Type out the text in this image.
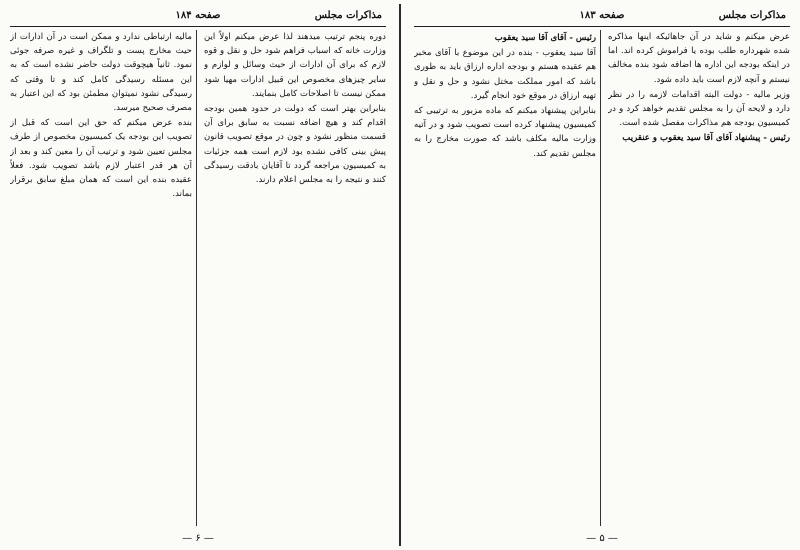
مذاکرات مجلس
صفحه ۱۸۴

دوره پنجم ترتیب میدهند لذا عرض میکنم اولاً این وزارت خانه که اسباب فراهم شود حل و نقل و قوه لازم که برای آن ادارات از حیث وسائل و لوازم و سایر چیزهای مخصوص این قبیل ادارات مهیا شود ممکن نیست تا اصلاحات کامل بنمایند.

بنابراین بهتر است که دولت در حدود همین بودجه اقدام کند و هیچ اضافه نسبت به سابق برای آن قسمت منظور نشود و چون در موقع تصویب قانون پیش بینی کافی نشده بود لازم است همه جزئیات به کمیسیون مراجعه گردد تا آقایان بادقت رسیدگی کنند و نتیجه را به مجلس اعلام دارند.

مالیه ارتباطی ندارد و ممکن است در آن ادارات از حیث مخارج پست و تلگراف و غیره صرفه جوئی نمود. ثانیاً هیچوقت دولت حاضر نشده است که به این مسئله رسیدگی کامل کند و تا وقتی که رسیدگی نشود نمیتوان مطمئن بود که این اعتبار به مصرف صحیح میرسد.

بنده عرض میکنم که حق این است که قبل از تصویب این بودجه یک کمیسیون مخصوص از طرف مجلس تعیین شود و ترتیب آن را معین کند و بعد از آن هر قدر اعتبار لازم باشد تصویب شود. فعلاً عقیده بنده این است که همان مبلغ سابق برقرار بماند.

— ۶ —
مذاکرات مجلس
صفحه ۱۸۳

عرض میکنم و شاید در آن جاهائیکه اینها مذاکره شده شهرداره طلب بوده یا فراموش کرده اند. اما در اینکه بودجه این اداره ها اضافه شود بنده مخالف نیستم و آنچه لازم است باید داده شود.

وزیر مالیه - دولت البته اقدامات لازمه را در نظر دارد و لایحه آن را به مجلس تقدیم خواهد کرد و در کمیسیون بودجه هم مذاکرات مفصل شده است.

رئیس - پیشنهاد آقای آقا سید یعقوب و عنقریب

رئیس - آقای آقا سید یعقوب

آقا سید یعقوب - بنده در این موضوع با آقای مخبر هم عقیده هستم و بودجه اداره ارزاق باید به طوری باشد که امور مملکت مختل نشود و حل و نقل و تهیه ارزاق در موقع خود انجام گیرد.

بنابراین پیشنهاد میکنم که ماده مزبور به ترتیبی که کمیسیون پیشنهاد کرده است تصویب شود و در آتیه وزارت مالیه مکلف باشد که صورت مخارج را به مجلس تقدیم کند.

— ۵ —
